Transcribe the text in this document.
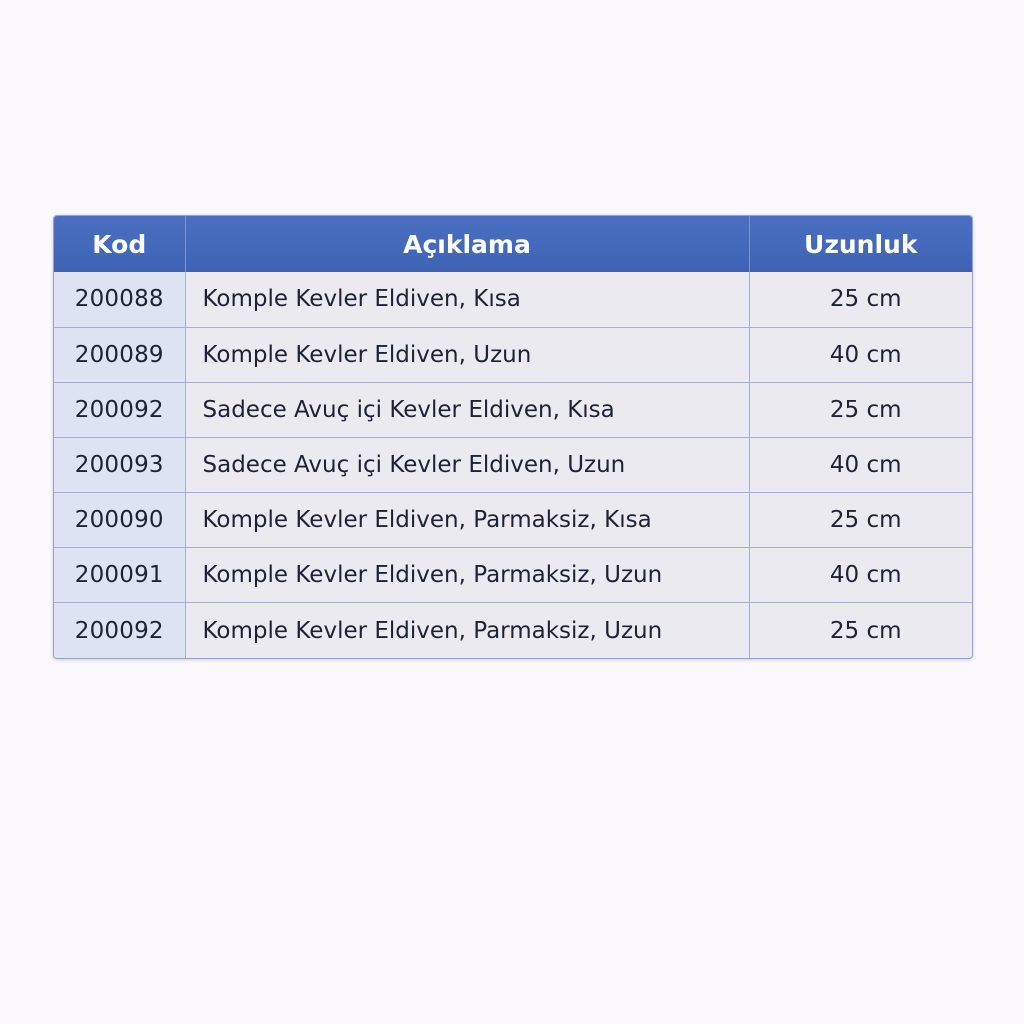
Kod	Açıklama	Uzunluk
200088	Komple Kevler Eldiven, Kısa	25 cm
200089	Komple Kevler Eldiven, Uzun	40 cm
200092	Sadece Avuç içi Kevler Eldiven, Kısa	25 cm
200093	Sadece Avuç içi Kevler Eldiven, Uzun	40 cm
200090	Komple Kevler Eldiven, Parmaksiz, Kısa	25 cm
200091	Komple Kevler Eldiven, Parmaksiz, Uzun	40 cm
200092	Komple Kevler Eldiven, Parmaksiz, Uzun	25 cm
